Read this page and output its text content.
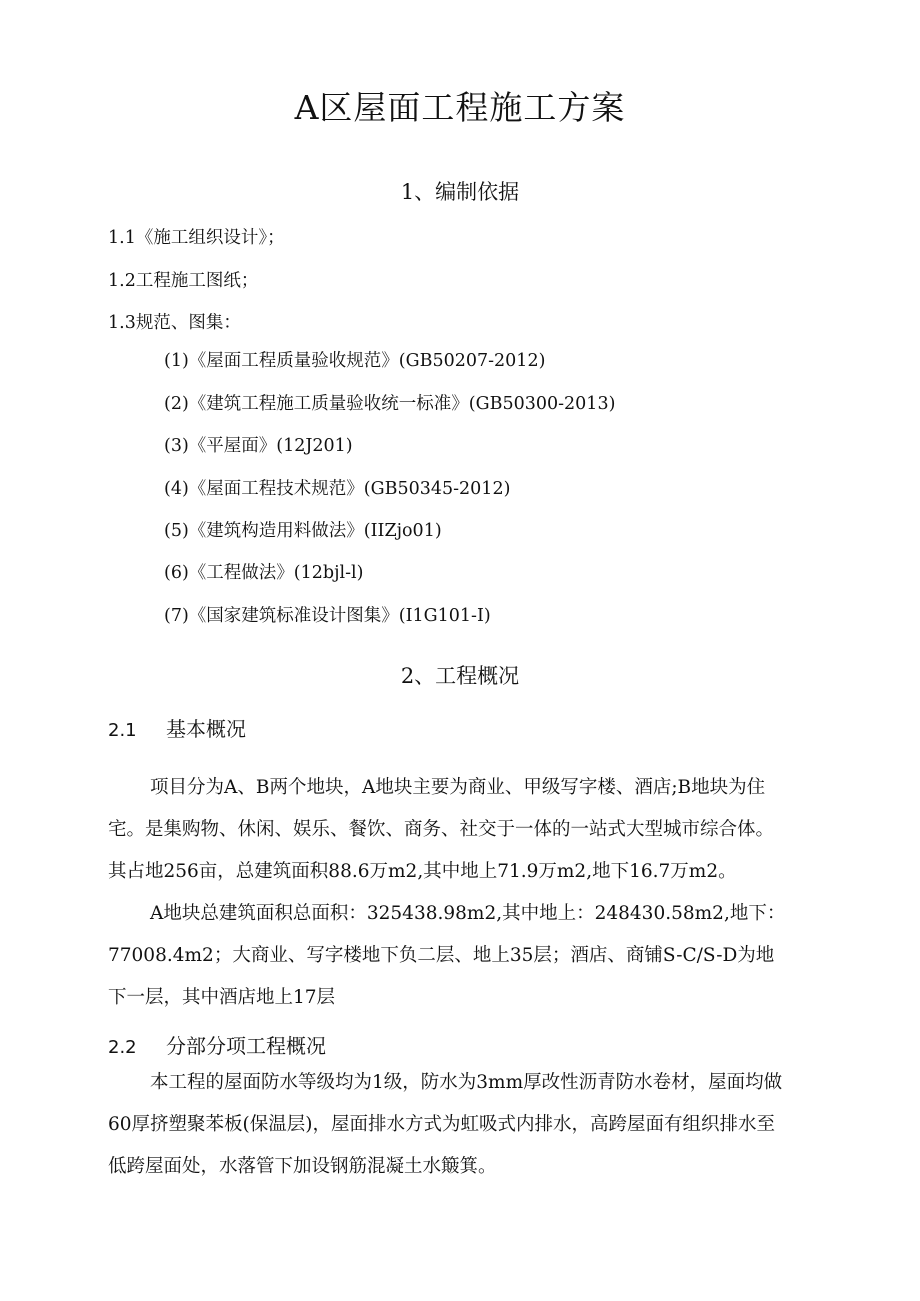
A区屋面工程施工方案
1、编制依据
1.1《施工组织设计》；
1.2工程施工图纸；
1.3规范、图集：
(1)《屋面工程质量验收规范》(GB50207-2012)
(2)《建筑工程施工质量验收统一标准》(GB50300-2013)
(3)《平屋面》(12J201)
(4)《屋面工程技术规范》(GB50345-2012)
(5)《建筑构造用料做法》(IIZjo01)
(6)《工程做法》(12bjl-l)
(7)《国家建筑标准设计图集》(I1G101-I)
2、工程概况
2.1 基本概况
项目分为A、B两个地块，A地块主要为商业、甲级写字楼、酒店;B地块为住
宅。是集购物、休闲、娱乐、餐饮、商务、社交于一体的一站式大型城市综合体。
其占地256亩，总建筑面积88.6万m2,其中地上71.9万m2,地下16.7万m2。
A地块总建筑面积总面积：325438.98m2,其中地上：248430.58m2,地下：
77008.4m2；大商业、写字楼地下负二层、地上35层；酒店、商铺S-C/S-D为地
下一层，其中酒店地上17层
2.2 分部分项工程概况
本工程的屋面防水等级均为1级，防水为3mm厚改性沥青防水卷材，屋面均做
60厚挤塑聚苯板(保温层)，屋面排水方式为虹吸式内排水，高跨屋面有组织排水至
低跨屋面处，水落管下加设钢筋混凝土水簸箕。
